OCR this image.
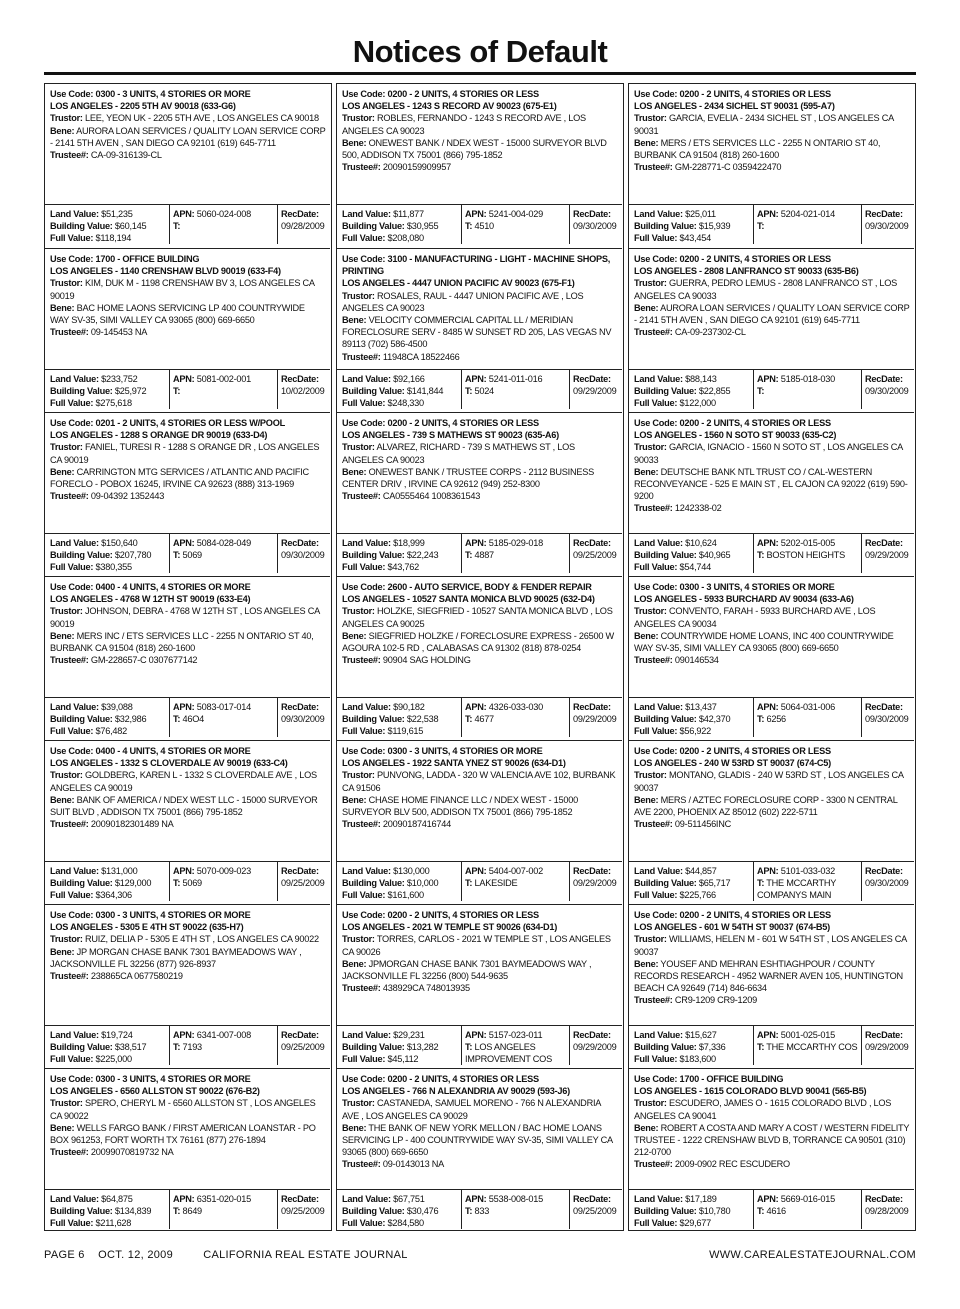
Notices of Default
Use Code: 0300 - 3 UNITS, 4 STORIES OR MORE
LOS ANGELES - 2205 5TH AV 90018 (633-G6)
Trustor: LEE, YEON UK - 2205 5TH AVE , LOS ANGELES CA 90018
Bene: AURORA LOAN SERVICES / QUALITY LOAN SERVICE CORP - 2141 5TH AVEN , SAN DIEGO CA 92101 (619) 645-7711
Trustee#: CA-09-316139-CL
Land Value: $51,235
Building Value: $60,145
Full Value: $118,194
APN: 5060-024-008
T:
RecDate:
09/28/2009
Use Code: 1700 - OFFICE BUILDING
LOS ANGELES - 1140 CRENSHAW BLVD 90019 (633-F4)
Trustor: KIM, DUK M - 1198 CRENSHAW BV 3, LOS ANGELES CA 90019
Bene: BAC HOME LAONS SERVICING LP 400 COUNTRYWIDE WAY SV-35, SIMI VALLEY CA 93065 (800) 669-6650
Trustee#: 09-145453 NA
Land Value: $233,752
Building Value: $25,972
Full Value: $275,618
APN: 5081-002-001
T:
RecDate:
10/02/2009
Use Code: 0201 - 2 UNITS, 4 STORIES OR LESS W/POOL
LOS ANGELES - 1288 S ORANGE DR 90019 (633-D4)
Trustor: FANIEL, TURESI R - 1288 S ORANGE DR , LOS ANGELES CA 90019
Bene: CARRINGTON MTG SERVICES / ATLANTIC AND PACIFIC FORECLO - POBOX 16245, IRVINE CA 92623 (888) 313-1969
Trustee#: 09-04392 1352443
Land Value: $150,640
Building Value: $207,780
Full Value: $380,355
APN: 5084-028-049
T: 5069
RecDate:
09/30/2009
Use Code: 0400 - 4 UNITS, 4 STORIES OR MORE
LOS ANGELES - 4768 W 12TH ST 90019 (633-E4)
Trustor: JOHNSON, DEBRA - 4768 W 12TH ST , LOS ANGELES CA 90019
Bene: MERS INC / ETS SERVICES LLC - 2255 N ONTARIO ST 40, BURBANK CA 91504 (818) 260-1600
Trustee#: GM-228657-C 0307677142
Land Value: $39,088
Building Value: $32,986
Full Value: $76,482
APN: 5083-017-014
T: 46O4
RecDate:
09/30/2009
Use Code: 0400 - 4 UNITS, 4 STORIES OR MORE
LOS ANGELES - 1332 S CLOVERDALE AV 90019 (633-C4)
Trustor: GOLDBERG, KAREN L - 1332 S CLOVERDALE AVE , LOS ANGELES CA 90019
Bene: BANK OF AMERICA / NDEX WEST LLC - 15000 SURVEYOR SUIT BLVD , ADDISON TX 75001 (866) 795-1852
Trustee#: 20090182301489 NA
Land Value: $131,000
Building Value: $129,000
Full Value: $364,306
APN: 5070-009-023
T: 5069
RecDate:
09/25/2009
Use Code: 0300 - 3 UNITS, 4 STORIES OR MORE
LOS ANGELES - 5305 E 4TH ST 90022 (635-H7)
Trustor: RUIZ, DELIA P - 5305 E 4TH ST , LOS ANGELES CA 90022
Bene: JP MORGAN CHASE BANK 7301 BAYMEADOWS WAY , JACKSONVILLE FL 32256 (877) 926-8937
Trustee#: 238865CA 0677580219
Land Value: $19,724
Building Value: $38,517
Full Value: $225,000
APN: 6341-007-008
T: 7193
RecDate:
09/25/2009
Use Code: 0300 - 3 UNITS, 4 STORIES OR MORE
LOS ANGELES - 6560 ALLSTON ST 90022 (676-B2)
Trustor: SPERO, CHERYL M - 6560 ALLSTON ST , LOS ANGELES CA 90022
Bene: WELLS FARGO BANK / FIRST AMERICAN LOANSTAR - PO BOX 961253, FORT WORTH TX 76161 (877) 276-1894
Trustee#: 20099070819732 NA
Land Value: $64,875
Building Value: $134,839
Full Value: $211,628
APN: 6351-020-015
T: 8649
RecDate:
09/25/2009
Use Code: 0200 - 2 UNITS, 4 STORIES OR LESS
LOS ANGELES - 1243 S RECORD AV 90023 (675-E1)
Trustor: ROBLES, FERNANDO - 1243 S RECORD AVE , LOS ANGELES CA 90023
Bene: ONEWEST BANK / NDEX WEST - 15000 SURVEYOR BLVD 500, ADDISON TX 75001 (866) 795-1852
Trustee#: 20090159909957
Land Value: $11,877
Building Value: $30,955
Full Value: $208,080
APN: 5241-004-029
T: 4510
RecDate:
09/30/2009
Use Code: 3100 - MANUFACTURING - LIGHT - MACHINE SHOPS, PRINTING
LOS ANGELES - 4447 UNION PACIFIC AV 90023 (675-F1)
Trustor: ROSALES, RAUL - 4447 UNION PACIFIC AVE , LOS ANGELES CA 90023
Bene: VELOCITY COMMERCIAL CAPITAL LL / MERIDIAN FORECLOSURE SERV - 8485 W SUNSET RD 205, LAS VEGAS NV 89113 (702) 586-4500
Trustee#: 11948CA 18522466
Land Value: $92,166
Building Value: $141,844
Full Value: $248,330
APN: 5241-011-016
T: 5024
RecDate:
09/29/2009
Use Code: 0200 - 2 UNITS, 4 STORIES OR LESS
LOS ANGELES - 739 S MATHEWS ST 90023 (635-A6)
Trustor: ALVAREZ, RICHARD - 739 S MATHEWS ST , LOS ANGELES CA 90023
Bene: ONEWEST BANK / TRUSTEE CORPS - 2112 BUSINESS CENTER DRIV , IRVINE CA 92612 (949) 252-8300
Trustee#: CA0555464 1008361543
Land Value: $18,999
Building Value: $22,243
Full Value: $43,762
APN: 5185-029-018
T: 4887
RecDate:
09/25/2009
Use Code: 2600 - AUTO SERVICE, BODY & FENDER REPAIR
LOS ANGELES - 10527 SANTA MONICA BLVD 90025 (632-D4)
Trustor: HOLZKE, SIEGFRIED - 10527 SANTA MONICA BLVD , LOS ANGELES CA 90025
Bene: SIEGFRIED HOLZKE / FORECLOSURE EXPRESS - 26500 W AGOURA 102-5 RD , CALABASAS CA 91302 (818) 878-0254
Trustee#: 90904 SAG HOLDING
Land Value: $90,182
Building Value: $22,538
Full Value: $119,615
APN: 4326-033-030
T: 4677
RecDate:
09/29/2009
Use Code: 0300 - 3 UNITS, 4 STORIES OR MORE
LOS ANGELES - 1922 SANTA YNEZ ST 90026 (634-D1)
Trustor: PUNVONG, LADDA - 320 W VALENCIA AVE 102, BURBANK CA 91506
Bene: CHASE HOME FINANCE LLC / NDEX WEST - 15000 SURVEYOR BLV 500, ADDISON TX 75001 (866) 795-1852
Trustee#: 20090187416744
Land Value: $130,000
Building Value: $10,000
Full Value: $161,600
APN: 5404-007-002
T: LAKESIDE
RecDate:
09/29/2009
Use Code: 0200 - 2 UNITS, 4 STORIES OR LESS
LOS ANGELES - 2021 W TEMPLE ST 90026 (634-D1)
Trustor: TORRES, CARLOS - 2021 W TEMPLE ST , LOS ANGELES CA 90026
Bene: JPMORGAN CHASE BANK 7301 BAYMEADOWS WAY , JACKSONVILLE FL 32256 (800) 544-9635
Trustee#: 438929CA 748013935
Land Value: $29,231
Building Value: $13,282
Full Value: $45,112
APN: 5157-023-011
T: LOS ANGELES IMPROVEMENT COS
RecDate:
09/29/2009
Use Code: 0200 - 2 UNITS, 4 STORIES OR LESS
LOS ANGELES - 766 N ALEXANDRIA AV 90029 (593-J6)
Trustor: CASTANEDA, SAMUEL MORENO - 766 N ALEXANDRIA AVE , LOS ANGELES CA 90029
Bene: THE BANK OF NEW YORK MELLON / BAC HOME LOANS SERVICING LP - 400 COUNTRYWIDE WAY SV-35, SIMI VALLEY CA 93065 (800) 669-6650
Trustee#: 09-0143013 NA
Land Value: $67,751
Building Value: $30,476
Full Value: $284,580
APN: 5538-008-015
T: 833
RecDate:
09/25/2009
Use Code: 0200 - 2 UNITS, 4 STORIES OR LESS
LOS ANGELES - 2434 SICHEL ST 90031 (595-A7)
Trustor: GARCIA, EVELIA - 2434 SICHEL ST , LOS ANGELES CA 90031
Bene: MERS / ETS SERVICES LLC - 2255 N ONTARIO ST 40, BURBANK CA 91504 (818) 260-1600
Trustee#: GM-228771-C 0359422470
Land Value: $25,011
Building Value: $15,939
Full Value: $43,454
APN: 5204-021-014
T:
RecDate:
09/30/2009
Use Code: 0200 - 2 UNITS, 4 STORIES OR LESS
LOS ANGELES - 2808 LANFRANCO ST 90033 (635-B6)
Trustor: GUERRA, PEDRO LEMUS - 2808 LANFRANCO ST , LOS ANGELES CA 90033
Bene: AURORA LOAN SERVICES / QUALITY LOAN SERVICE CORP - 2141 5TH AVEN , SAN DIEGO CA 92101 (619) 645-7711
Trustee#: CA-09-237302-CL
Land Value: $88,143
Building Value: $22,855
Full Value: $122,000
APN: 5185-018-030
T:
RecDate:
09/30/2009
Use Code: 0200 - 2 UNITS, 4 STORIES OR LESS
LOS ANGELES - 1560 N SOTO ST 90033 (635-C2)
Trustor: GARCIA, IGNACIO - 1560 N SOTO ST , LOS ANGELES CA 90033
Bene: DEUTSCHE BANK NTL TRUST CO / CAL-WESTERN RECONVEYANCE - 525 E MAIN ST , EL CAJON CA 92022 (619) 590-9200
Trustee#: 1242338-02
Land Value: $10,624
Building Value: $40,965
Full Value: $54,744
APN: 5202-015-005
T: BOSTON HEIGHTS
RecDate:
09/29/2009
Use Code: 0300 - 3 UNITS, 4 STORIES OR MORE
LOS ANGELES - 5933 BURCHARD AV 90034 (633-A6)
Trustor: CONVENTO, FARAH - 5933 BURCHARD AVE , LOS ANGELES CA 90034
Bene: COUNTRYWIDE HOME LOANS, INC 400 COUNTRYWIDE WAY SV-35, SIMI VALLEY CA 93065 (800) 669-6650
Trustee#: 090146534
Land Value: $13,437
Building Value: $42,370
Full Value: $56,922
APN: 5064-031-006
T: 6256
RecDate:
09/30/2009
Use Code: 0200 - 2 UNITS, 4 STORIES OR LESS
LOS ANGELES - 240 W 53RD ST 90037 (674-C5)
Trustor: MONTANO, GLADIS - 240 W 53RD ST , LOS ANGELES CA 90037
Bene: MERS / AZTEC FORECLOSURE CORP - 3300 N CENTRAL AVE 2200, PHOENIX AZ 85012 (602) 222-5711
Trustee#: 09-511456INC
Land Value: $44,857
Building Value: $65,717
Full Value: $225,766
APN: 5101-033-032
T: THE MCCARTHY COMPANYS MAIN
RecDate:
09/30/2009
Use Code: 0200 - 2 UNITS, 4 STORIES OR LESS
LOS ANGELES - 601 W 54TH ST 90037 (674-B5)
Trustor: WILLIAMS, HELEN M - 601 W 54TH ST , LOS ANGELES CA 90037
Bene: YOUSEF AND MEHRAN ESHTIAGHPOUR / COUNTY RECORDS RESEARCH - 4952 WARNER AVEN 105, HUNTINGTON BEACH CA 92649 (714) 846-6634
Trustee#: CR9-1209 CR9-1209
Land Value: $15,627
Building Value: $7,336
Full Value: $183,600
APN: 5001-025-015
T: THE MCCARTHY COS
RecDate:
09/29/2009
Use Code: 1700 - OFFICE BUILDING
LOS ANGELES - 1615 COLORADO BLVD 90041 (565-B5)
Trustor: ESCUDERO, JAMES O - 1615 COLORADO BLVD , LOS ANGELES CA 90041
Bene: ROBERT A COSTA AND MARY A COST / WESTERN FIDELITY TRUSTEE - 1222 CRENSHAW BLVD B, TORRANCE CA 90501 (310) 212-0700
Trustee#: 2009-0902 REC ESCUDERO
Land Value: $17,189
Building Value: $10,780
Full Value: $29,677
APN: 5669-016-015
T: 4616
RecDate:
09/28/2009
PAGE 6 OCT. 12, 2009	CALIFORNIA REAL ESTATE JOURNAL	WWW.CAREALESTATEJOURNAL.COM
